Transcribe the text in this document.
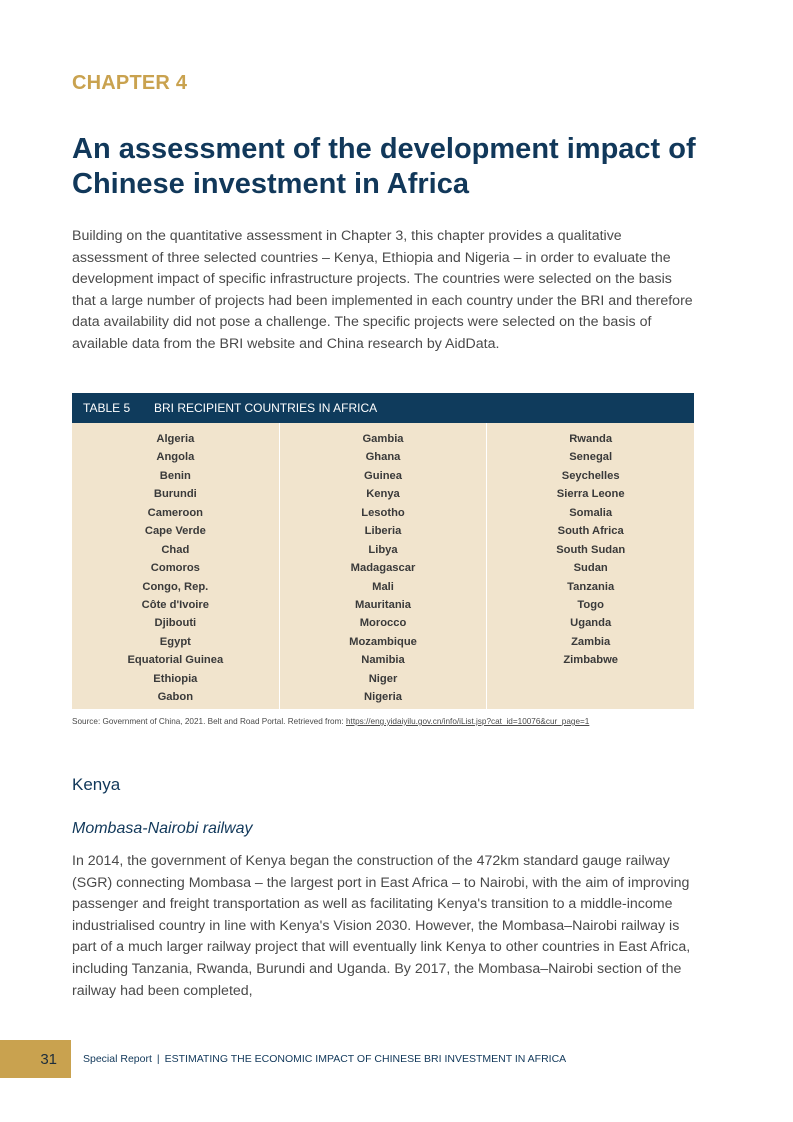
CHAPTER 4
An assessment of the development impact of Chinese investment in Africa

Building on the quantitative assessment in Chapter 3, this chapter provides a qualitative assessment of three selected countries – Kenya, Ethiopia and Nigeria – in order to evaluate the development impact of specific infrastructure projects. The countries were selected on the basis that a large number of projects had been implemented in each country under the BRI and therefore data availability did not pose a challenge. The specific projects were selected on the basis of available data from the BRI website and China research by AidData.

TABLE 5	BRI RECIPIENT COUNTRIES IN AFRICA
Algeria
Angola
Benin
Burundi
Cameroon
Cape Verde
Chad
Comoros
Congo, Rep.
Côte d'Ivoire
Djibouti
Egypt
Equatorial Guinea
Ethiopia
Gabon
Gambia
Ghana
Guinea
Kenya
Lesotho
Liberia
Libya
Madagascar
Mali
Mauritania
Morocco
Mozambique
Namibia
Niger
Nigeria
Rwanda
Senegal
Seychelles
Sierra Leone
Somalia
South Africa
South Sudan
Sudan
Tanzania
Togo
Uganda
Zambia
Zimbabwe
Source: Government of China, 2021. Belt and Road Portal. Retrieved from: https://eng.yidaiyilu.gov.cn/info/iList.jsp?cat_id=10076&cur_page=1
Kenya
Mombasa-Nairobi railway

In 2014, the government of Kenya began the construction of the 472km standard gauge railway (SGR) connecting Mombasa – the largest port in East Africa – to Nairobi, with the aim of improving passenger and freight transportation as well as facilitating Kenya's transition to a middle-income industrialised country in line with Kenya's Vision 2030. However, the Mombasa–Nairobi railway is part of a much larger railway project that will eventually link Kenya to other countries in East Africa, including Tanzania, Rwanda, Burundi and Uganda. By 2017, the Mombasa–Nairobi section of the railway had been completed,

31	Special Report | ESTIMATING THE ECONOMIC IMPACT OF CHINESE BRI INVESTMENT IN AFRICA
